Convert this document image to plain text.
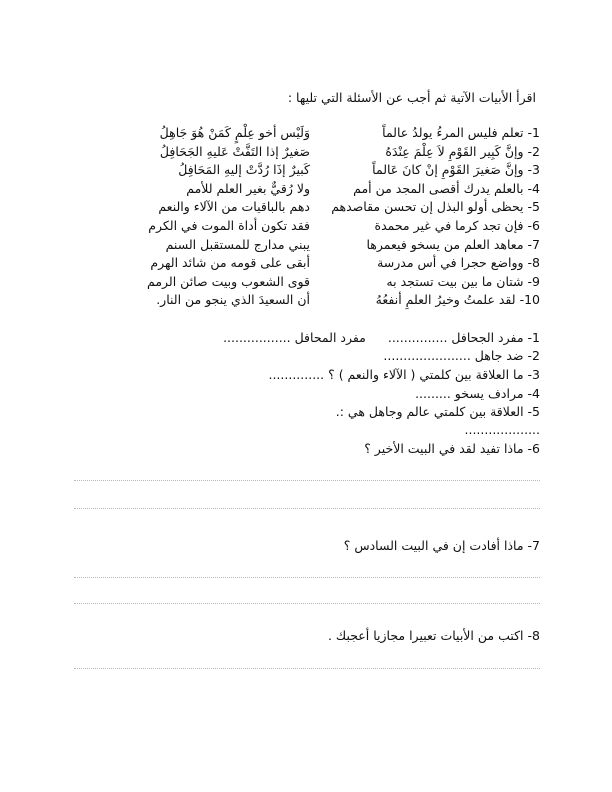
اقرأ الأبيات الآتية ثم أجب عن الأسئلة التي تليها :
1-تعلم فليس المرءُ يولدُ عالماً
2-وإنَّ كَبِير القَوْمِ لاَ عِلْمَ عِنْدَهُ
3-وإنَّ صَغيرَ القَوْمِ إنْ كانَ عَالماً
4-بالعلم يدرك أقصى المجد من أمم
5-يحظى أولو البذل إن تحسن مقاصدهم
6-فإن تجد كرما في غير محمدة
7-معاهد العلم من يسخو فيعمرها
8-وواضع حجرا في أس مدرسة
9-شتان ما بين بيت تستجد به
10-لقد علمتُ وخيرُ العلمِ أنفعُهُ
وَلَيْس أخو عِلْمٍ كَمَنْ هُوَ جَاهِلُ
صَغيرٌ إذا التَفَّتْ عَليهِ الجَحَافِلُ
كَبيرٌ إذَا رُدَّتْ إليهِ المَحَافِلُ
ولا رُقيٌّ بغير العلم للأمم
دهم بالباقيات من الآلاء والنعم
فقد تكون أداة الموت في الكرم
يبني مدارج للمستقبل السنم
أبقى على قومه من شائد الهرم
قوى الشعوب وبيت صائن الرمم
أن السعيدَ الذي ينجو من النار.
1- مفرد الجحافل ...............  مفرد المحافل .................
2- ضد جاهل ......................
3- ما العلاقة بين كلمتي ( الآلاء والنعم ) ؟ ..............
4- مرادف يسخو .........
5- العلاقة بين كلمتي عالم وجاهل هي :.
...................
6- ماذا تفيد لقد في البيت الأخير ؟
7- ماذا أفادت إن في البيت السادس ؟
8- اكتب من الأبيات تعبيرا مجازيا أعجبك .
